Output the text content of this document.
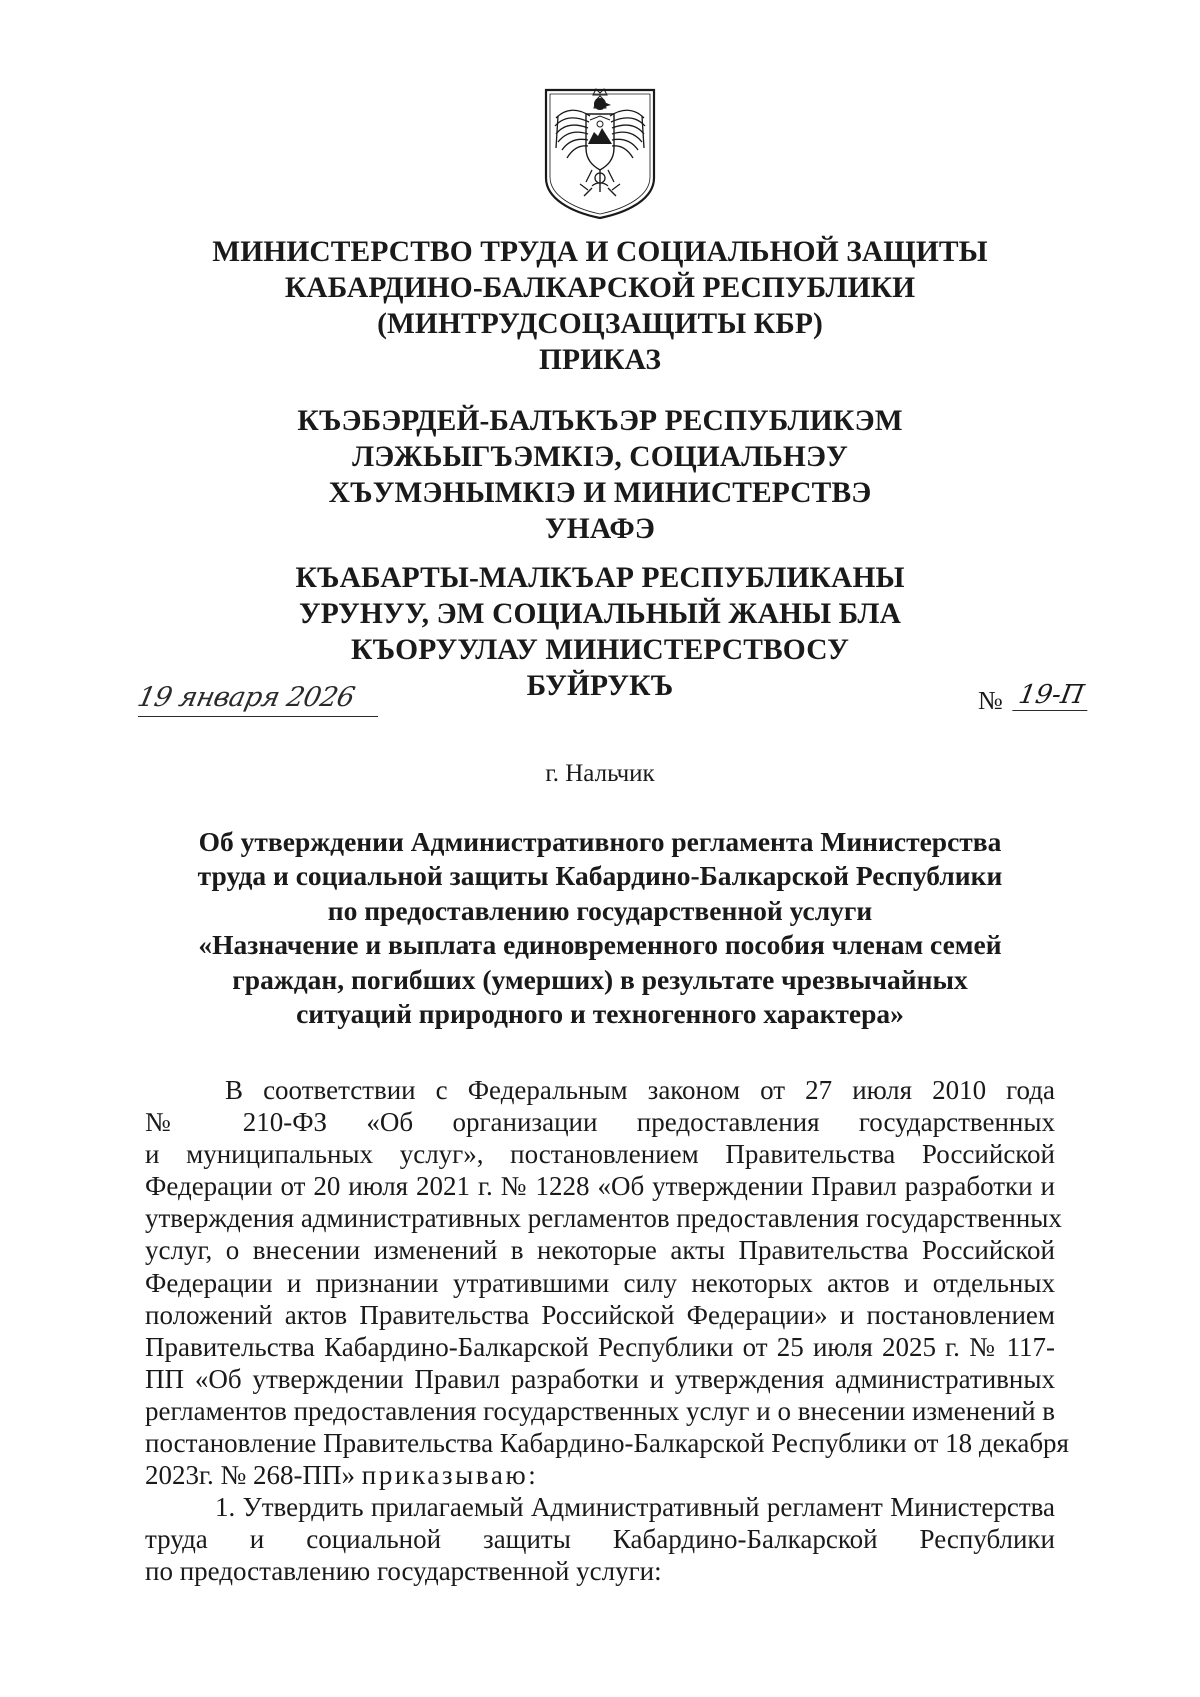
МИНИСТЕРСТВО ТРУДА И СОЦИАЛЬНОЙ ЗАЩИТЫ
КАБАРДИНО-БАЛКАРСКОЙ РЕСПУБЛИКИ
(МИНТРУДСОЦЗАЩИТЫ КБР)
ПРИКАЗ
КЪЭБЭРДЕЙ-БАЛЪКЪЭР РЕСПУБЛИКЭМ
ЛЭЖЬЫГЪЭМКIЭ, СОЦИАЛЬНЭУ
ХЪУМЭНЫМКIЭ И МИНИСТЕРСТВЭ
УНАФЭ
КЪАБАРТЫ-МАЛКЪАР РЕСПУБЛИКАНЫ
УРУНУУ, ЭМ СОЦИАЛЬНЫЙ ЖАНЫ БЛА
КЪОРУУЛАУ МИНИСТЕРСТВОСУ
БУЙРУКЪ
19 января 2026	№ 19-П
г. Нальчик
Об утверждении Административного регламента Министерства
труда и социальной защиты Кабардино-Балкарской Республики
по предоставлению государственной услуги
«Назначение и выплата единовременного пособия членам семей
граждан, погибших (умерших) в результате чрезвычайных
ситуаций природного и техногенного характера»
В соответствии с Федеральным законом от 27 июля 2010 года
№ 210-ФЗ «Об организации предоставления государственных
и муниципальных услуг», постановлением Правительства Российской
Федерации от 20 июля 2021 г. № 1228 «Об утверждении Правил разработки и
утверждения административных регламентов предоставления государственных
услуг, о внесении изменений в некоторые акты Правительства Российской
Федерации и признании утратившими силу некоторых актов и отдельных
положений актов Правительства Российской Федерации» и постановлением
Правительства Кабардино-Балкарской Республики от 25 июля 2025 г. № 117-
ПП «Об утверждении Правил разработки и утверждения административных
регламентов предоставления государственных услуг и о внесении изменений в
постановление Правительства Кабардино-Балкарской Республики от 18 декабря
2023г. № 268-ПП» приказываю:
1. Утвердить прилагаемый Административный регламент Министерства
труда и социальной защиты Кабардино-Балкарской Республики
по предоставлению государственной услуги:
